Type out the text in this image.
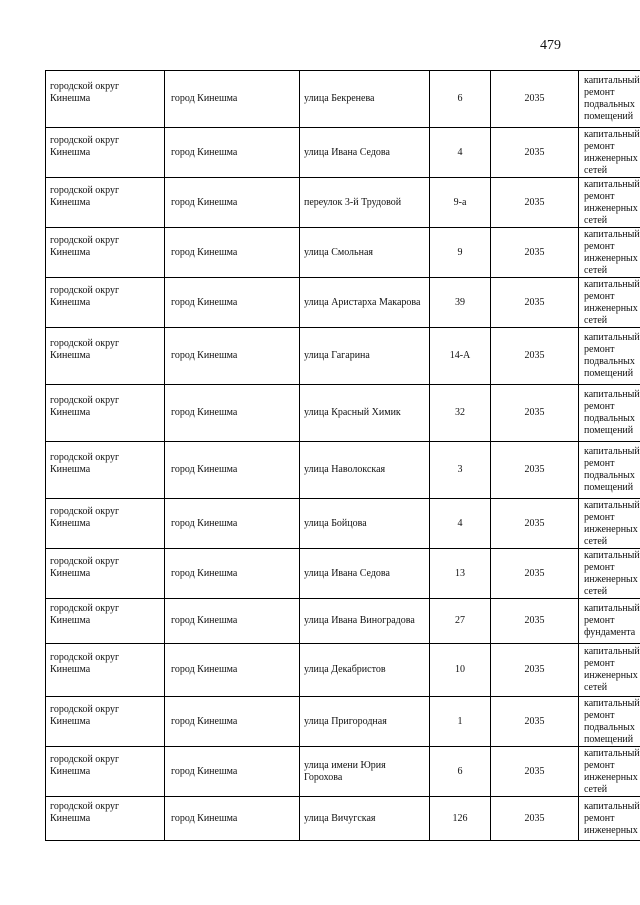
479
городской округ Кинешма	город Кинешма	улица Бекренева	6	2035	капитальный ремонт подвальных помещений

городской округ Кинешма	город Кинешма	улица Ивана Седова	4	2035	капитальный ремонт инженерных сетей

городской округ Кинешма	город Кинешма	переулок 3-й Трудовой	9-а	2035	капитальный ремонт инженерных сетей

городской округ Кинешма	город Кинешма	улица Смольная	9	2035	капитальный ремонт инженерных сетей

городской округ Кинешма	город Кинешма	улица Аристарха Макарова	39	2035	капитальный ремонт инженерных сетей

городской округ Кинешма	город Кинешма	улица Гагарина	14-А	2035	капитальный ремонт подвальных помещений

городской округ Кинешма	город Кинешма	улица Красный Химик	32	2035	капитальный ремонт подвальных помещений

городской округ Кинешма	город Кинешма	улица Наволокская	3	2035	капитальный ремонт подвальных помещений

городской округ Кинешма	город Кинешма	улица Бойцова	4	2035	капитальный ремонт инженерных сетей

городской округ Кинешма	город Кинешма	улица Ивана Седова	13	2035	капитальный ремонт инженерных сетей

городской округ Кинешма	город Кинешма	улица Ивана Виноградова	27	2035	капитальный ремонт фундамента

городской округ Кинешма	город Кинешма	улица Декабристов	10	2035	капитальный ремонт инженерных сетей

городской округ Кинешма	город Кинешма	улица Пригородная	1	2035	капитальный ремонт подвальных помещений

городской округ Кинешма	город Кинешма	улица имени Юрия Горохова	6	2035	капитальный ремонт инженерных сетей

городской округ Кинешма	город Кинешма	улица Вичугская	126	2035	капитальный ремонт инженерных
